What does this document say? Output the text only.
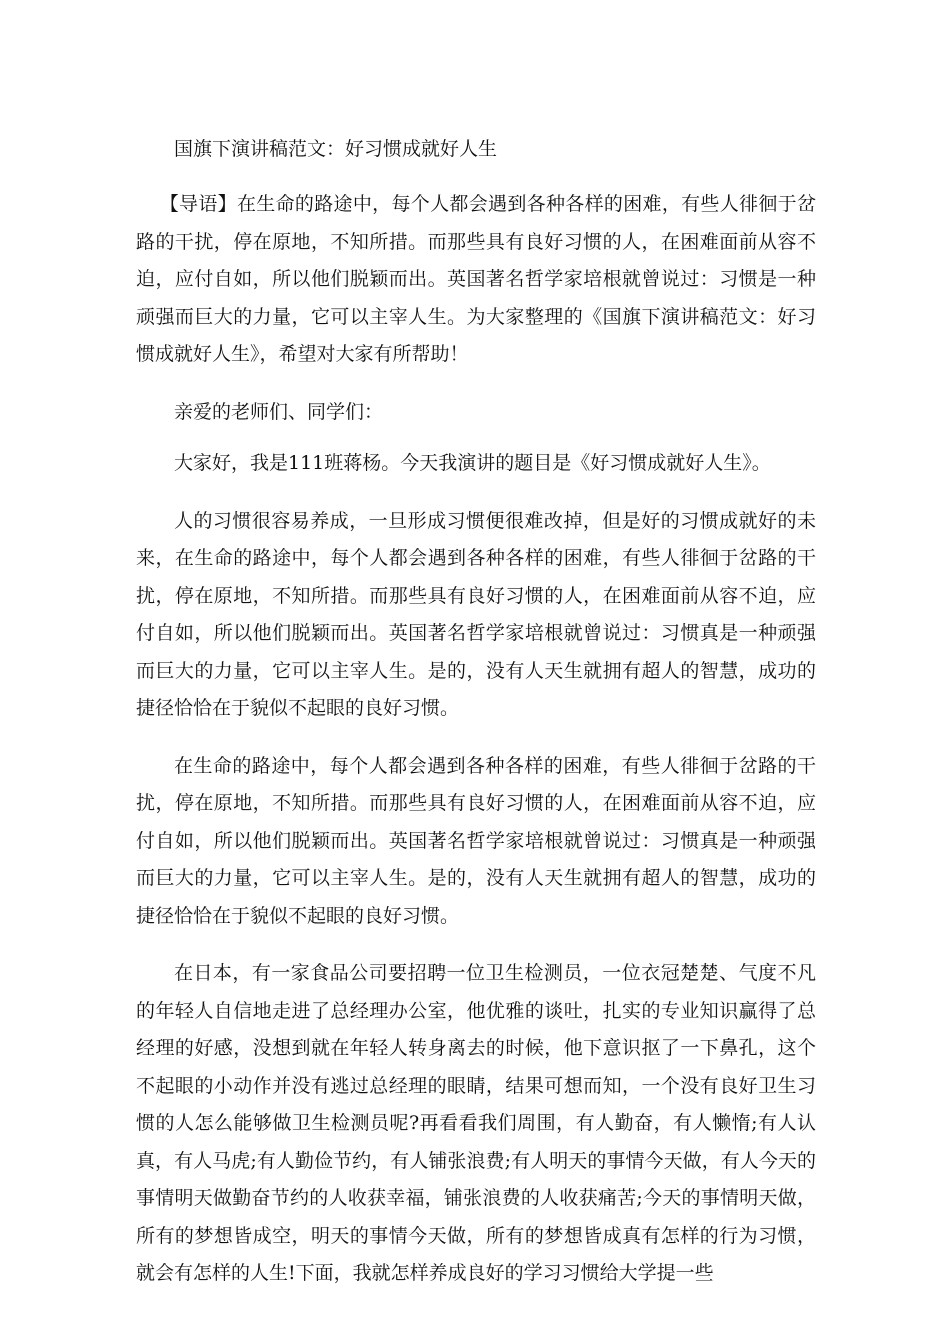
国旗下演讲稿范文：好习惯成就好人生

【导语】在生命的路途中，每个人都会遇到各种各样的困难，有些人徘徊于岔路的干扰，停在原地，不知所措。而那些具有良好习惯的人，在困难面前从容不迫，应付自如，所以他们脱颖而出。英国著名哲学家培根就曾说过：习惯是一种顽强而巨大的力量，它可以主宰人生。为大家整理的《国旗下演讲稿范文：好习惯成就好人生》，希望对大家有所帮助！

亲爱的老师们、同学们：

大家好，我是111班蒋杨。今天我演讲的题目是《好习惯成就好人生》。

人的习惯很容易养成，一旦形成习惯便很难改掉，但是好的习惯成就好的未来，在生命的路途中，每个人都会遇到各种各样的困难，有些人徘徊于岔路的干扰，停在原地，不知所措。而那些具有良好习惯的人，在困难面前从容不迫，应付自如，所以他们脱颖而出。英国著名哲学家培根就曾说过：习惯真是一种顽强而巨大的力量，它可以主宰人生。是的，没有人天生就拥有超人的智慧，成功的捷径恰恰在于貌似不起眼的良好习惯。

在生命的路途中，每个人都会遇到各种各样的困难，有些人徘徊于岔路的干扰，停在原地，不知所措。而那些具有良好习惯的人，在困难面前从容不迫，应付自如，所以他们脱颖而出。英国著名哲学家培根就曾说过：习惯真是一种顽强而巨大的力量，它可以主宰人生。是的，没有人天生就拥有超人的智慧，成功的捷径恰恰在于貌似不起眼的良好习惯。

在日本，有一家食品公司要招聘一位卫生检测员，一位衣冠楚楚、气度不凡的年轻人自信地走进了总经理办公室，他优雅的谈吐，扎实的专业知识赢得了总经理的好感，没想到就在年轻人转身离去的时候，他下意识抠了一下鼻孔，这个不起眼的小动作并没有逃过总经理的眼睛，结果可想而知，一个没有良好卫生习惯的人怎么能够做卫生检测员呢?再看看我们周围，有人勤奋，有人懒惰;有人认真，有人马虎;有人勤俭节约，有人铺张浪费;有人明天的事情今天做，有人今天的事情明天做勤奋节约的人收获幸福，铺张浪费的人收获痛苦;今天的事情明天做，所有的梦想皆成空，明天的事情今天做，所有的梦想皆成真有怎样的行为习惯，就会有怎样的人生!下面，我就怎样养成良好的学习习惯给大学提一些
